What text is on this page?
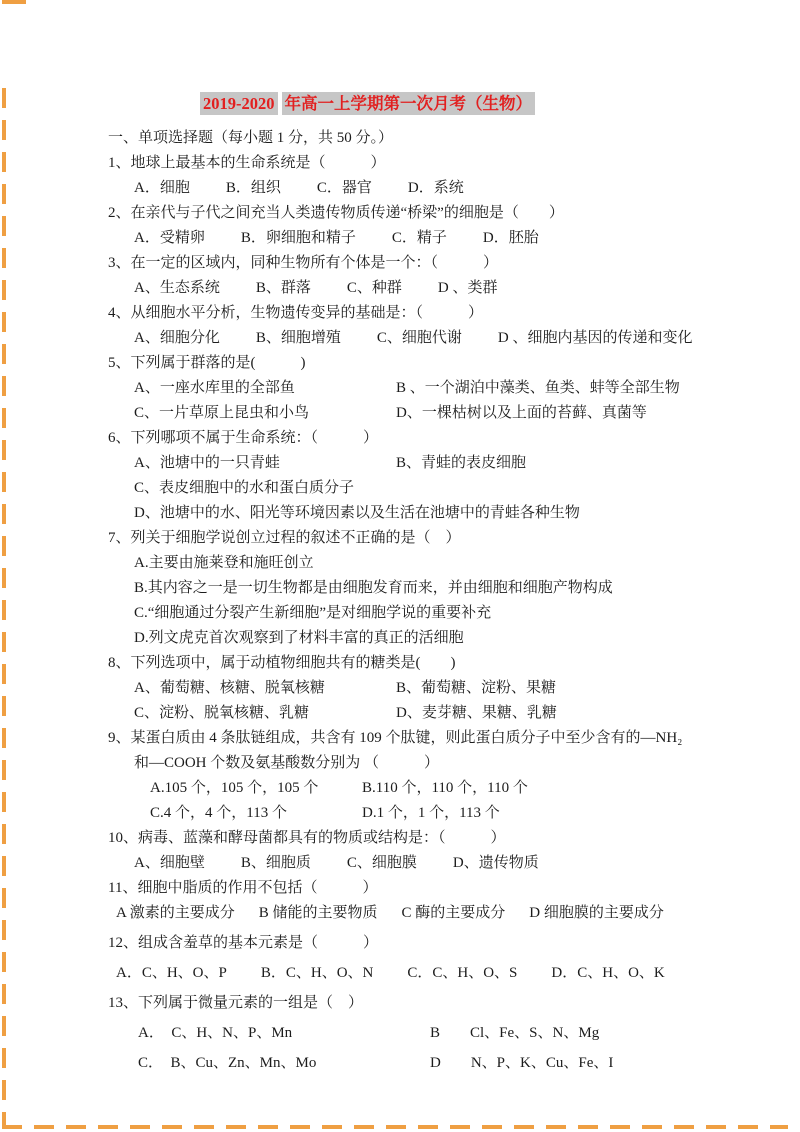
2019-2020 年高一上学期第一次月考（生物）
一、单项选择题（每小题 1 分，共 50 分。）
1、地球上最基本的生命系统是（　　　）
A．细胞 B．组织 C．器官 D．系统
2、在亲代与子代之间充当人类遗传物质传递“桥梁”的细胞是（　　）
A．受精卵 B．卵细胞和精子 C．精子 D．胚胎
3、在一定的区域内，同种生物所有个体是一个：（　　　）
A、生态系统 B、群落 C、种群 D 、类群
4、从细胞水平分析，生物遗传变异的基础是：（　　　）
A、细胞分化 B、细胞增殖 C、细胞代谢 D 、细胞内基因的传递和变化
5、下列属于群落的是(　　　)
A、一座水库里的全部鱼	B 、一个湖泊中藻类、鱼类、蚌等全部生物
C、一片草原上昆虫和小鸟	D、一棵枯树以及上面的苔藓、真菌等
6、下列哪项不属于生命系统：（　　　）
A、池塘中的一只青蛙	B、青蛙的表皮细胞
C、表皮细胞中的水和蛋白质分子
D、池塘中的水、阳光等环境因素以及生活在池塘中的青蛙各种生物
7、列关于细胞学说创立过程的叙述不正确的是（　）
A.主要由施莱登和施旺创立
B.其内容之一是一切生物都是由细胞发育而来，并由细胞和细胞产物构成
C.“细胞通过分裂产生新细胞”是对细胞学说的重要补充
D.列文虎克首次观察到了材料丰富的真正的活细胞
8、下列选项中，属于动植物细胞共有的糖类是(　　)
A、葡萄糖、核糖、脱氧核糖	B、葡萄糖、淀粉、果糖
C、淀粉、脱氧核糖、乳糖	D、麦芽糖、果糖、乳糖
9、某蛋白质由 4 条肽链组成，共含有 109 个肽键，则此蛋白质分子中至少含有的—NH₂
和—COOH 个数及氨基酸数分别为 （　　　）
A.105 个，105 个，105 个	B.110 个，110 个，110 个
C.4 个，4 个，113 个	D.1 个，1 个，113 个
10、病毒、蓝藻和酵母菌都具有的物质或结构是：（　　　）
A、细胞壁 B、细胞质 C、细胞膜 D、遗传物质
11、细胞中脂质的作用不包括（　　　）
A 激素的主要成分 B 储能的主要物质 C 酶的主要成分 D 细胞膜的主要成分
12、组成含羞草的基本元素是（　　　）
A．C、H、O、P B．C、H、O、N C．C、H、O、S D．C、H、O、K
13、下列属于微量元素的一组是（　）
A．　C、H、N、P、Mn	B　　Cl、Fe、S、N、Mg
C．　B、Cu、Zn、Mn、Mo	D　　N、P、K、Cu、Fe、I
